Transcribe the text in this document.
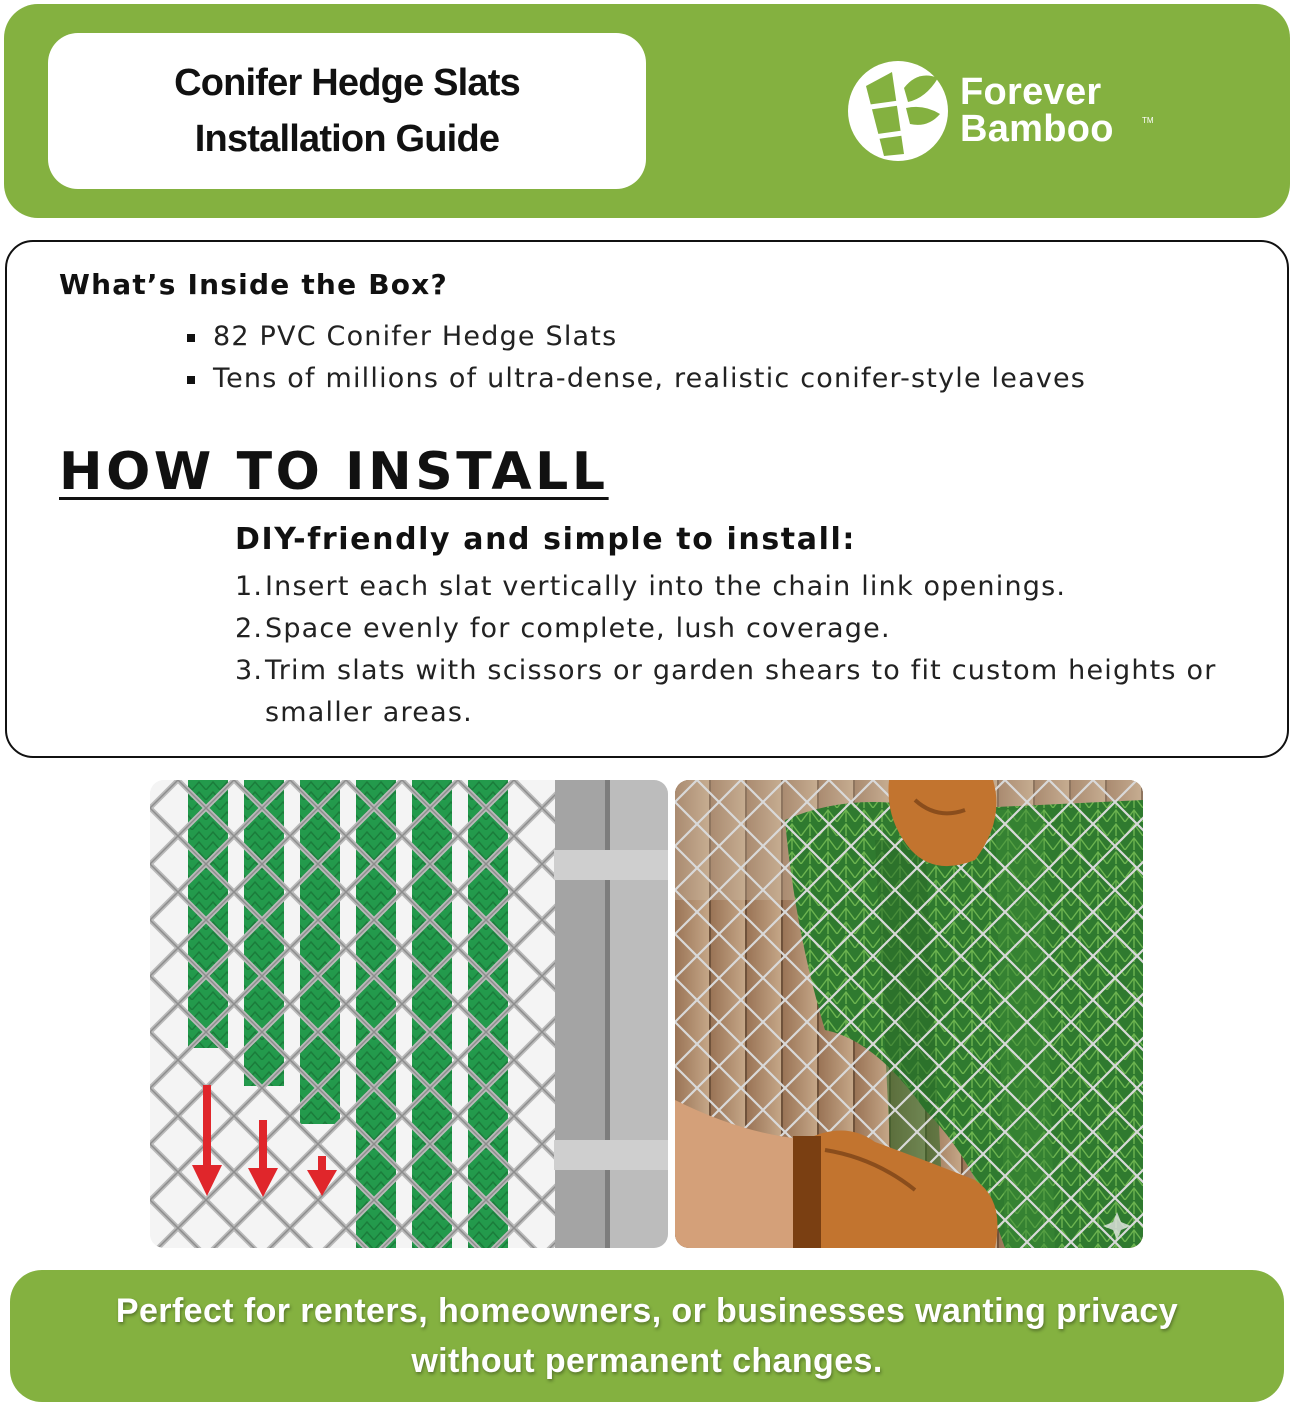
Conifer Hedge Slats
Installation Guide
Forever
Bamboo	TM
What’s Inside the Box?
82 PVC Conifer Hedge Slats
Tens of millions of ultra-dense, realistic conifer-style leaves
HOW TO INSTALL
DIY-friendly and simple to install:
1. Insert each slat vertically into the chain link openings.
2. Space evenly for complete, lush coverage.
3. Trim slats with scissors or garden shears to fit custom heights or smaller areas.
Perfect for renters, homeowners, or businesses wanting privacy
without permanent changes.
